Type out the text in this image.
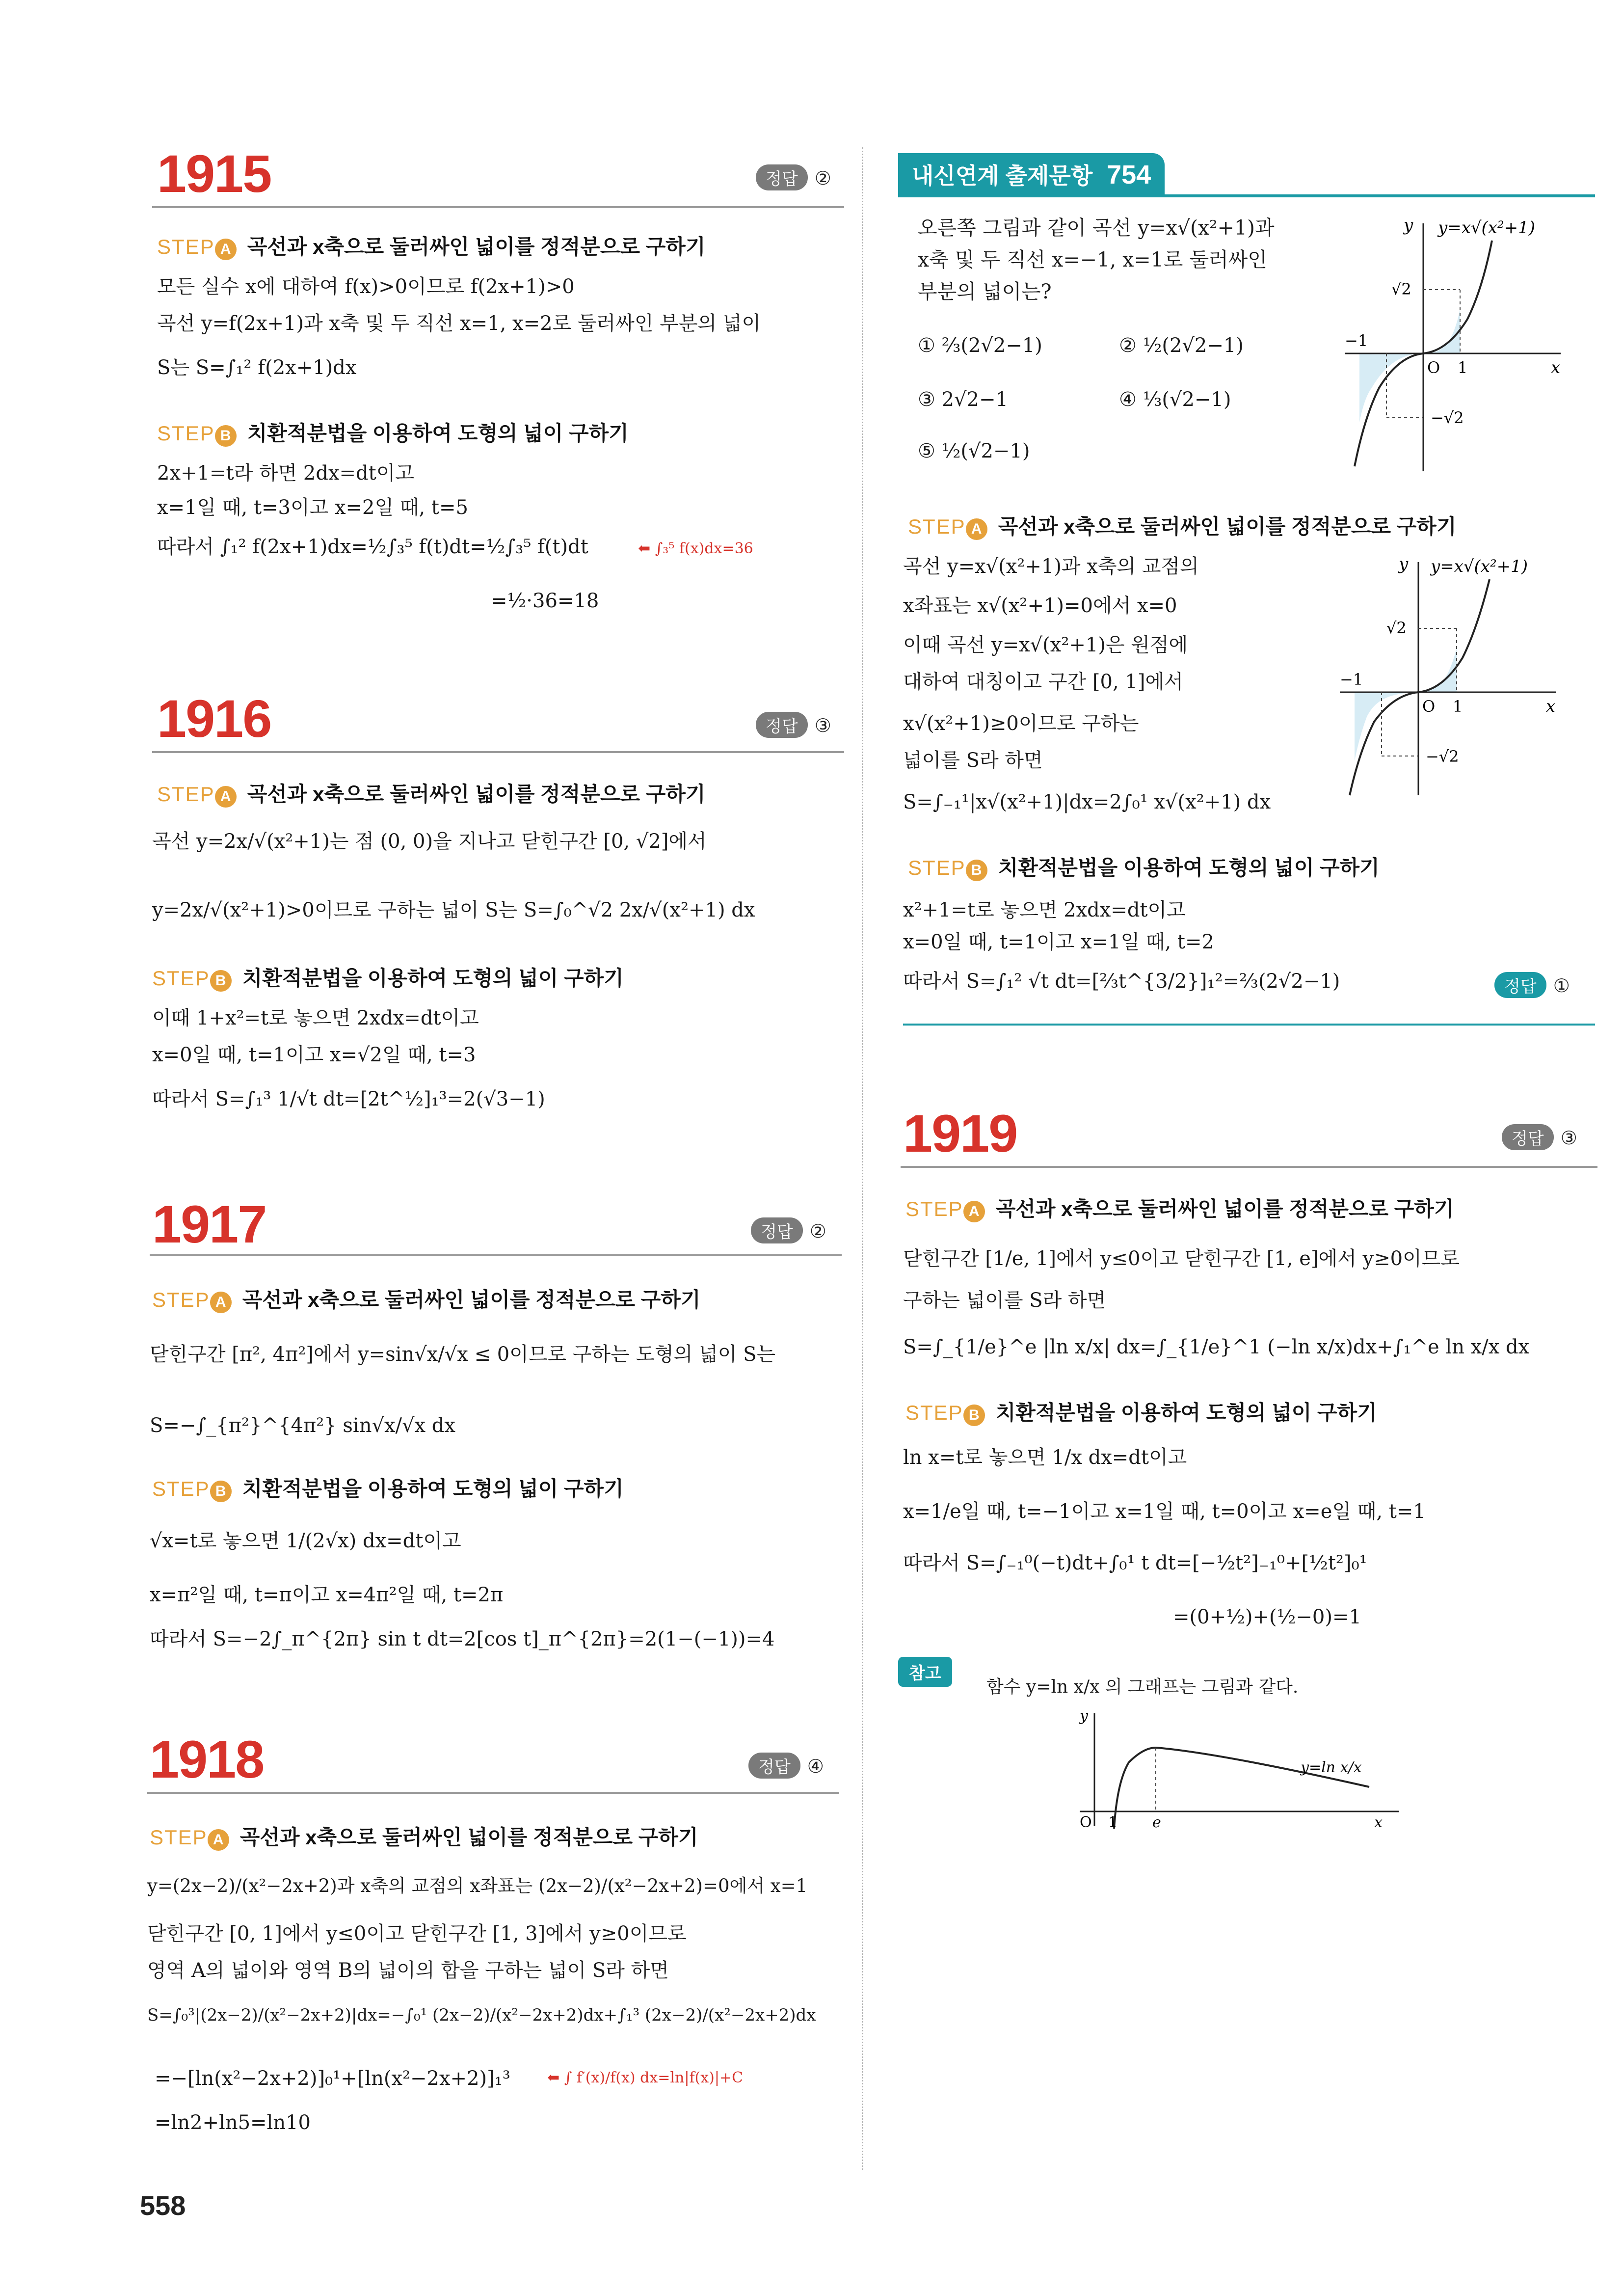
1915	정답 ②
STEP A 곡선과 x축으로 둘러싸인 넓이를 정적분으로 구하기
모든 실수 x에 대하여 f(x)>0이므로 f(2x+1)>0
곡선 y=f(2x+1)과 x축 및 두 직선 x=1, x=2로 둘러싸인 부분의 넓이
S는 S=∫₁² f(2x+1)dx
STEP B 치환적분법을 이용하여 도형의 넓이 구하기
2x+1=t라 하면 2dx=dt이고
x=1일 때, t=3이고 x=2일 때, t=5
따라서 ∫₁² f(2x+1)dx=½∫₃⁵ f(t)dt=½∫₃⁵ f(t)dt	⬅ ∫₃⁵ f(x)dx=36
=½·36=18
1916	정답 ③
STEP A 곡선과 x축으로 둘러싸인 넓이를 정적분으로 구하기
곡선 y=2x/√(x²+1)는 점 (0, 0)을 지나고 닫힌구간 [0, √2]에서
y=2x/√(x²+1)>0이므로 구하는 넓이 S는 S=∫₀^√2 2x/√(x²+1) dx
STEP B 치환적분법을 이용하여 도형의 넓이 구하기
이때 1+x²=t로 놓으면 2xdx=dt이고
x=0일 때, t=1이고 x=√2일 때, t=3
따라서 S=∫₁³ 1/√t dt=[2t^½]₁³=2(√3−1)
1917	정답 ②
STEP A 곡선과 x축으로 둘러싸인 넓이를 정적분으로 구하기
닫힌구간 [π², 4π²]에서 y=sin√x/√x ≤ 0이므로 구하는 도형의 넓이 S는
S=−∫_{π²}^{4π²} sin√x/√x dx
STEP B 치환적분법을 이용하여 도형의 넓이 구하기
√x=t로 놓으면 1/(2√x) dx=dt이고
x=π²일 때, t=π이고 x=4π²일 때, t=2π
따라서 S=−2∫_π^{2π} sin t dt=2[cos t]_π^{2π}=2(1−(−1))=4
1918	정답 ④
STEP A 곡선과 x축으로 둘러싸인 넓이를 정적분으로 구하기
y=(2x−2)/(x²−2x+2)과 x축의 교점의 x좌표는 (2x−2)/(x²−2x+2)=0에서 x=1
닫힌구간 [0, 1]에서 y≤0이고 닫힌구간 [1, 3]에서 y≥0이므로
영역 A의 넓이와 영역 B의 넓이의 합을 구하는 넓이 S라 하면
S=∫₀³|(2x−2)/(x²−2x+2)|dx=−∫₀¹ (2x−2)/(x²−2x+2)dx+∫₁³ (2x−2)/(x²−2x+2)dx
=−[ln(x²−2x+2)]₀¹+[ln(x²−2x+2)]₁³	⬅ ∫ f′(x)/f(x) dx=ln|f(x)|+C
=ln2+ln5=ln10
558
내신연계 출제문항 754
오른쪽 그림과 같이 곡선 y=x√(x²+1)과
x축 및 두 직선 x=−1, x=1로 둘러싸인
부분의 넓이는?
① ⅔(2√2−1)	② ½(2√2−1)
③ 2√2−1	④ ⅓(√2−1)
⑤ ½(√2−1)
y y=x√(x²+1)
√2
−1
O 1	x
−√2
STEP A 곡선과 x축으로 둘러싸인 넓이를 정적분으로 구하기
곡선 y=x√(x²+1)과 x축의 교점의
x좌표는 x√(x²+1)=0에서 x=0
이때 곡선 y=x√(x²+1)은 원점에
대하여 대칭이고 구간 [0, 1]에서
x√(x²+1)≥0이므로 구하는
넓이를 S라 하면
S=∫₋₁¹|x√(x²+1)|dx=2∫₀¹ x√(x²+1) dx
y y=x√(x²+1)
√2
−1
O 1	x
−√2
STEP B 치환적분법을 이용하여 도형의 넓이 구하기
x²+1=t로 놓으면 2xdx=dt이고
x=0일 때, t=1이고 x=1일 때, t=2
따라서 S=∫₁² √t dt=[⅔t^{3/2}]₁²=⅔(2√2−1)	정답 ①
1919	정답 ③
STEP A 곡선과 x축으로 둘러싸인 넓이를 정적분으로 구하기
닫힌구간 [1/e, 1]에서 y≤0이고 닫힌구간 [1, e]에서 y≥0이므로
구하는 넓이를 S라 하면
S=∫_{1/e}^e |ln x/x| dx=∫_{1/e}^1 (−ln x/x)dx+∫₁^e ln x/x dx
STEP B 치환적분법을 이용하여 도형의 넓이 구하기
ln x=t로 놓으면 1/x dx=dt이고
x=1/e일 때, t=−1이고 x=1일 때, t=0이고 x=e일 때, t=1
따라서 S=∫₋₁⁰(−t)dt+∫₀¹ t dt=[−½t²]₋₁⁰+[½t²]₀¹
=(0+½)+(½−0)=1
참고
함수 y=ln x/x 의 그래프는 그림과 같다.
y
y=ln x/x
O 1 e	x
